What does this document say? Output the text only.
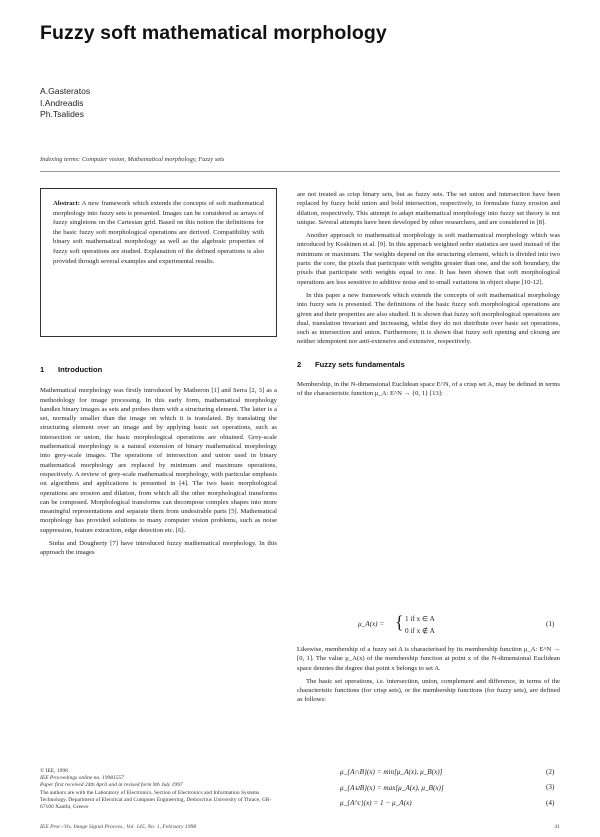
Fuzzy soft mathematical morphology
A.Gasteratos
I.Andreadis
Ph.Tsalides
Indexing terms: Computer vision, Mathematical morphology, Fuzzy sets
Abstract: A new framework which extends the concepts of soft mathematical morphology into fuzzy sets is presented. Images can be considered as arrays of fuzzy singletons on the Cartesian grid. Based on this notion the definitions for the basic fuzzy soft morphological operations are derived. Compatibility with binary soft mathematical morphology as well as the algebraic properties of fuzzy soft operations are studied. Explanation of the defined operations is also provided through several examples and experimental results.
1 Introduction

Mathematical morphology was firstly introduced by Matheron [1] and Serra [2, 3] as a methodology for image processing. In this early form, mathematical morphology handles binary images as sets and probes them with a structuring element. The latter is a set, normally smaller than the image on which it is translated. By translating the structuring element over an image and by applying basic set operations, such as intersection or union, the basic morphological operations are obtained. Grey-scale mathematical morphology is a natural extension of binary mathematical morphology into grey-scale images. The operations of intersection and union used in binary mathematical morphology are replaced by minimum and maximum operations, respectively. A review of grey-scale mathematical morphology, with particular emphasis on algorithms and applications is presented in [4]. The two basic morphological operations are erosion and dilation, from which all the other morphological transforms can be composed. Morphological transforms can decompose complex shapes into more meaningful representations and separate them from undesirable parts [5]. Mathematical morphology has provided solutions to many computer vision problems, such as noise suppression, feature extraction, edge detection etc. [6].

Sinha and Dougherty [7] have introduced fuzzy mathematical morphology. In this approach the images

© IEE, 1998
IEE Proceedings online no. 19981557
Paper first received 24th April and in revised form 9th July 1997
The authors are with the Laboratory of Electronics, Section of Electronics and Information Systems Technology, Department of Electrical and Computer Engineering, Democritus University of Thrace, GR-67100 Xanthi, Greece

are not treated as crisp binary sets, but as fuzzy sets. The set union and intersection have been replaced by fuzzy bold union and bold intersection, respectively, to formulate fuzzy erosion and dilation, respectively. This attempt to adapt mathematical morphology into fuzzy set theory is not unique. Several attempts have been developed by other researchers, and are considered in [8].

Another approach to mathematical morphology is soft mathematical morphology which was introduced by Koskinen et al. [9]. In this approach weighted order statistics are used instead of the minimum or maximum. The weights depend on the structuring element, which is divided into two parts: the core, the pixels that participate with weights greater than one, and the soft boundary, the pixels that participate with weights equal to one. It has been shown that soft morphological operations are less sensitive to additive noise and to small variations in object shape [10-12].

In this paper a new framework which extends the concepts of soft mathematical morphology into fuzzy sets is presented. The definitions of the basic fuzzy soft morphological operations are given and their properties are also studied. It is shown that fuzzy soft morphological operations are dual, translation invariant and increasing, whilst they do not distribute over basic set operations, such as intersection and union. Furthermore, it is shown that fuzzy soft opening and closing are neither idempotent nor anti-extensive and extensive, respectively.

2 Fuzzy sets fundamentals

Membership, in the N-dimensional Euclidean space E^N, of a crisp set A, may be defined in terms of the characteristic function μ_A: E^N → {0, 1} [13]:

μ_A(x) = { 1 if x ∈ A
0 if x ∉ A
(1)

Likewise, membership of a fuzzy set A is characterised by its membership function μ_A: E^N → [0, 1]. The value μ_A(x) of the membership function at point x of the N-dimensional Euclidean space denotes the degree that point x belongs to set A.

The basic set operations, i.e. intersection, union, complement and difference, in terms of the characteristic functions (for crisp sets), or the membership functions (for fuzzy sets), are defined as follows:

μ_{A∩B}(x) = min[μ_A(x), μ_B(x)]	(2)
μ_{A∪B}(x) = max[μ_A(x), μ_B(x)]	(3)
μ_{A^c}(x) = 1 − μ_A(x)	(4)
IEE Proc.-Vis. Image Signal Process., Vol. 145, No. 1, February 1998	41
